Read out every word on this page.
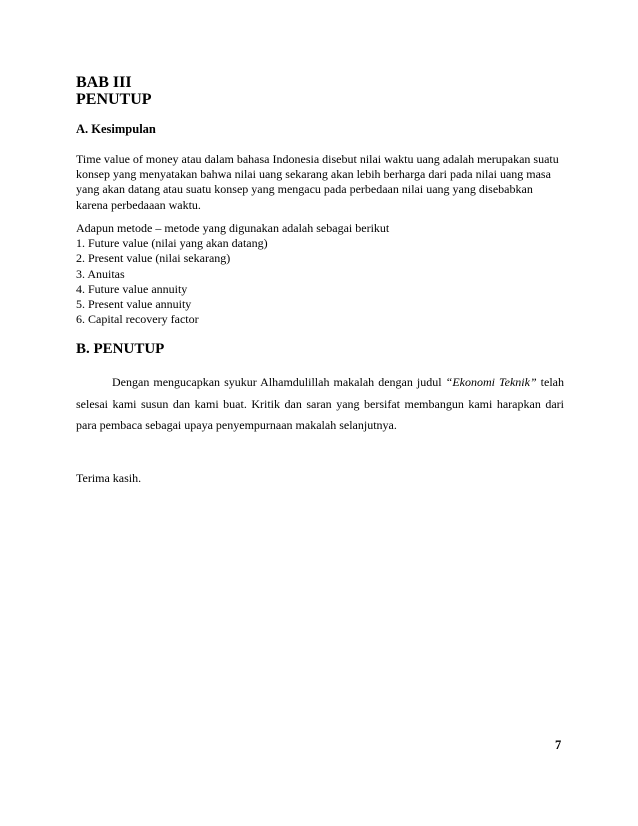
BAB III
PENUTUP
A. Kesimpulan

Time value of money atau dalam bahasa Indonesia disebut nilai waktu uang adalah merupakan suatu konsep yang menyatakan bahwa nilai uang sekarang akan lebih berharga dari pada nilai uang masa yang akan datang atau suatu konsep yang mengacu pada perbedaan nilai uang yang disebabkan karena perbedaaan waktu.

Adapun metode – metode yang digunakan adalah sebagai berikut
1. Future value (nilai yang akan datang)
2. Present value (nilai sekarang)
3. Anuitas
4. Future value annuity
5. Present value annuity
6. Capital recovery factor
B. PENUTUP

Dengan mengucapkan syukur Alhamdulillah makalah dengan judul “Ekonomi Teknik” telah selesai kami susun dan kami buat. Kritik dan saran yang bersifat membangun kami harapkan dari para pembaca sebagai upaya penyempurnaan makalah selanjutnya.

Terima kasih.

7
